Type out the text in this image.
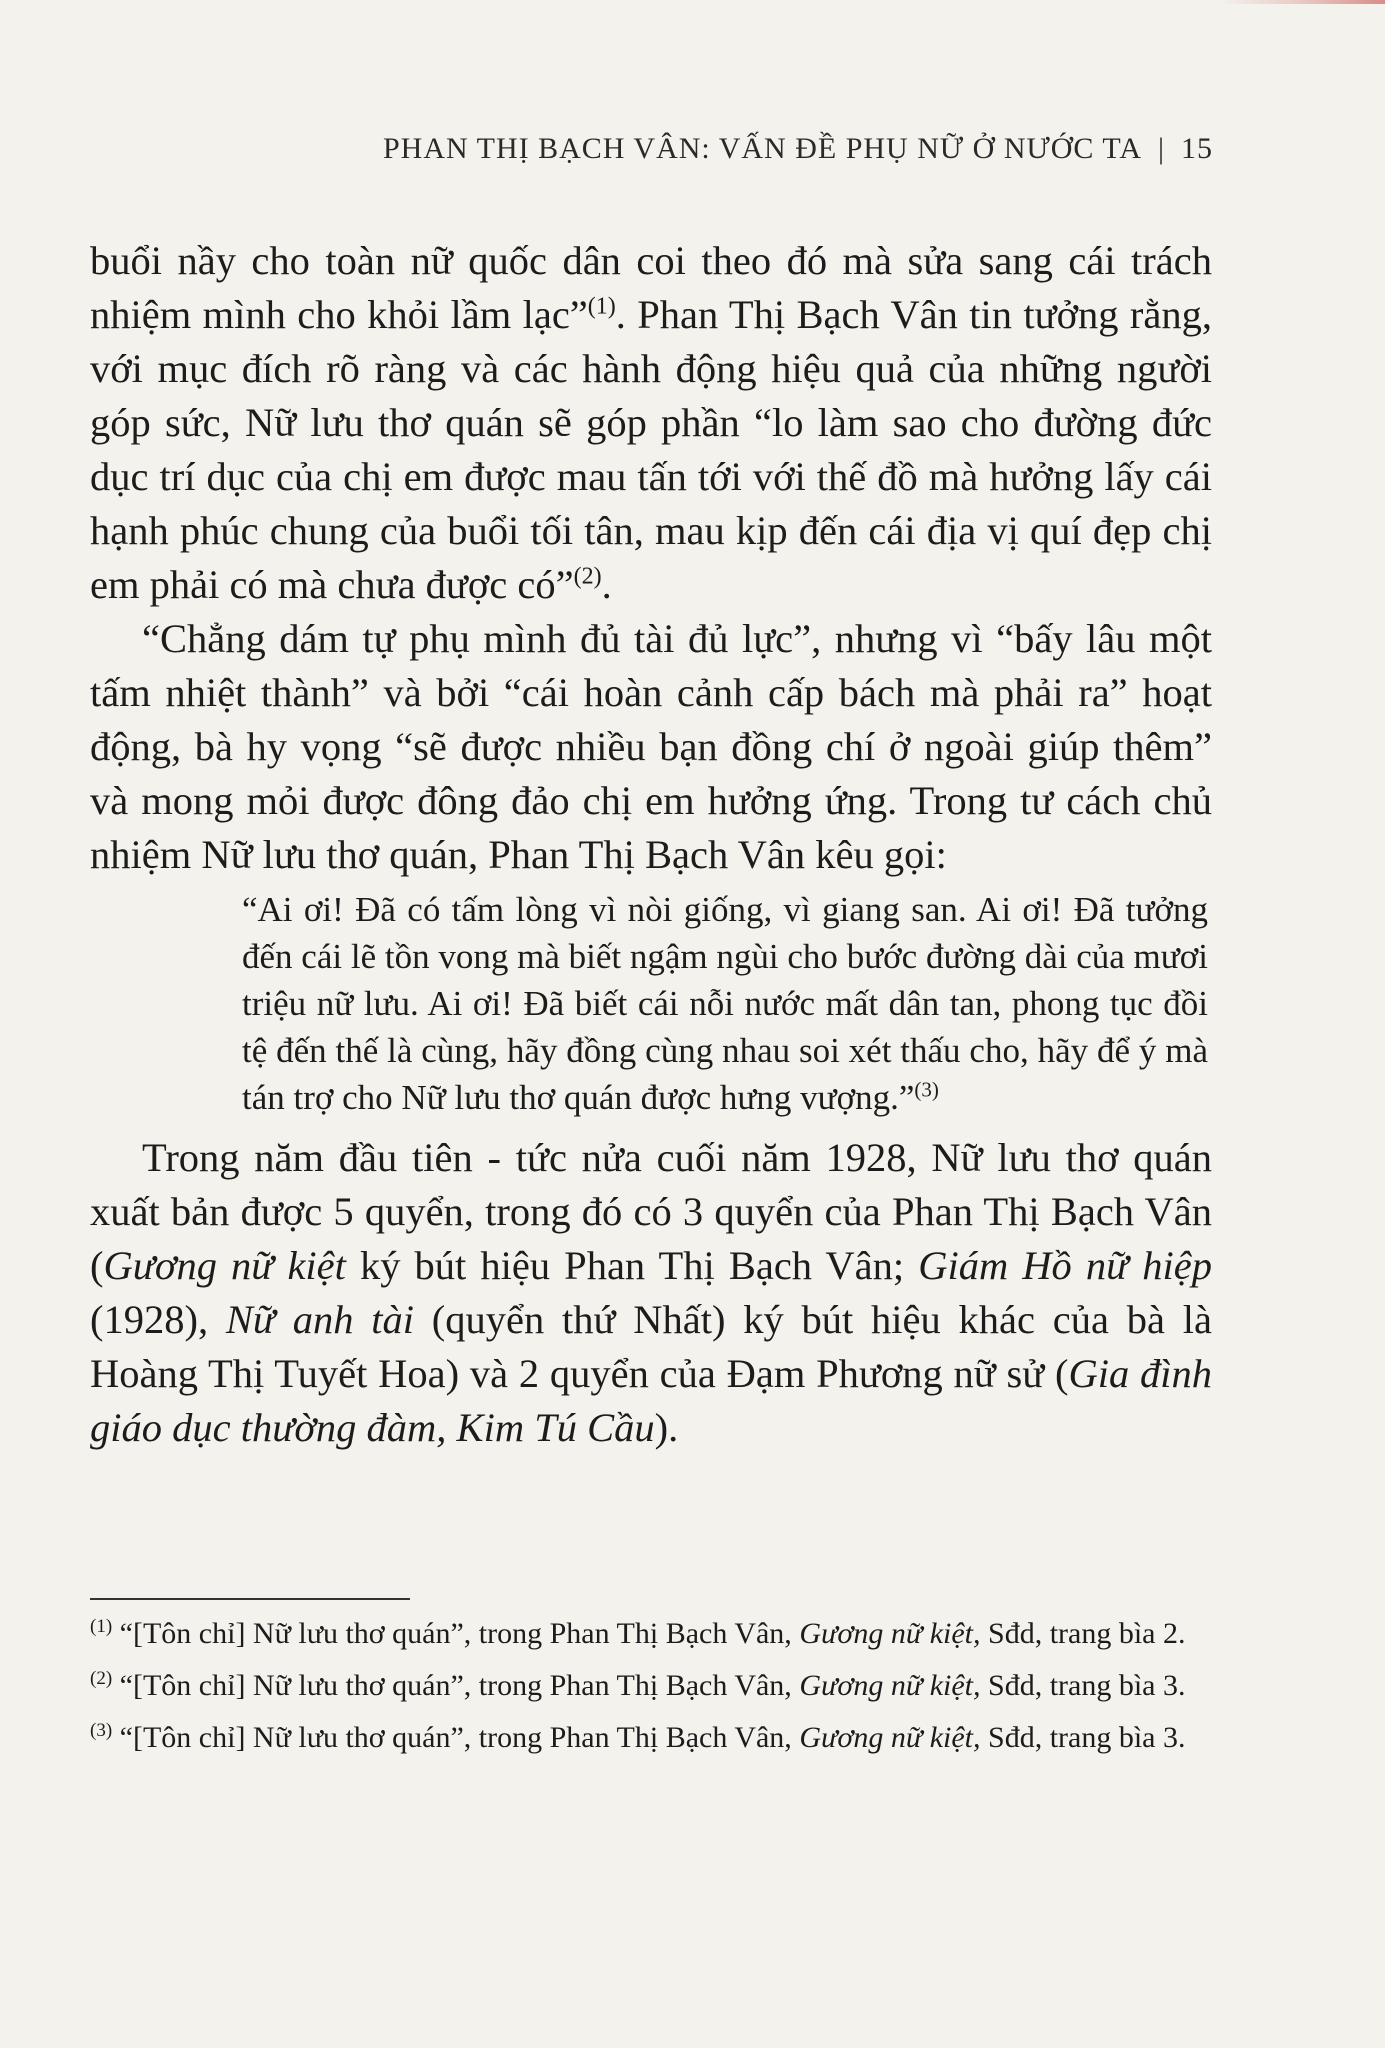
PHAN THỊ BẠCH VÂN: VẤN ĐỀ PHỤ NỮ Ở NƯỚC TA | 15

buổi nầy cho toàn nữ quốc dân coi theo đó mà sửa sang cái trách nhiệm mình cho khỏi lầm lạc”$^{(1)}$. Phan Thị Bạch Vân tin tưởng rằng, với mục đích rõ ràng và các hành động hiệu quả của những người góp sức, Nữ lưu thơ quán sẽ góp phần “lo làm sao cho đường đức dục trí dục của chị em được mau tấn tới với thế đồ mà hưởng lấy cái hạnh phúc chung của buổi tối tân, mau kịp đến cái địa vị quí đẹp chị em phải có mà chưa được có”$^{(2)}$.

“Chẳng dám tự phụ mình đủ tài đủ lực”, nhưng vì “bấy lâu một tấm nhiệt thành” và bởi “cái hoàn cảnh cấp bách mà phải ra” hoạt động, bà hy vọng “sẽ được nhiều bạn đồng chí ở ngoài giúp thêm” và mong mỏi được đông đảo chị em hưởng ứng. Trong tư cách chủ nhiệm Nữ lưu thơ quán, Phan Thị Bạch Vân kêu gọi:

“Ai ơi! Đã có tấm lòng vì nòi giống, vì giang san. Ai ơi! Đã tưởng đến cái lẽ tồn vong mà biết ngậm ngùi cho bước đường dài của mươi triệu nữ lưu. Ai ơi! Đã biết cái nỗi nước mất dân tan, phong tục đồi tệ đến thế là cùng, hãy đồng cùng nhau soi xét thấu cho, hãy để ý mà tán trợ cho Nữ lưu thơ quán được hưng vượng.”$^{(3)}$

Trong năm đầu tiên - tức nửa cuối năm 1928, Nữ lưu thơ quán xuất bản được 5 quyển, trong đó có 3 quyển của Phan Thị Bạch Vân (Gương nữ kiệt ký bút hiệu Phan Thị Bạch Vân; Giám Hồ nữ hiệp (1928), Nữ anh tài (quyển thứ Nhất) ký bút hiệu khác của bà là Hoàng Thị Tuyết Hoa) và 2 quyển của Đạm Phương nữ sử (Gia đình giáo dục thường đàm, Kim Tú Cầu).

$^{(1)}$ “[Tôn chỉ] Nữ lưu thơ quán”, trong Phan Thị Bạch Vân, Gương nữ kiệt, Sđd, trang bìa 2.

$^{(2)}$ “[Tôn chỉ] Nữ lưu thơ quán”, trong Phan Thị Bạch Vân, Gương nữ kiệt, Sđd, trang bìa 3.

$^{(3)}$ “[Tôn chỉ] Nữ lưu thơ quán”, trong Phan Thị Bạch Vân, Gương nữ kiệt, Sđd, trang bìa 3.
